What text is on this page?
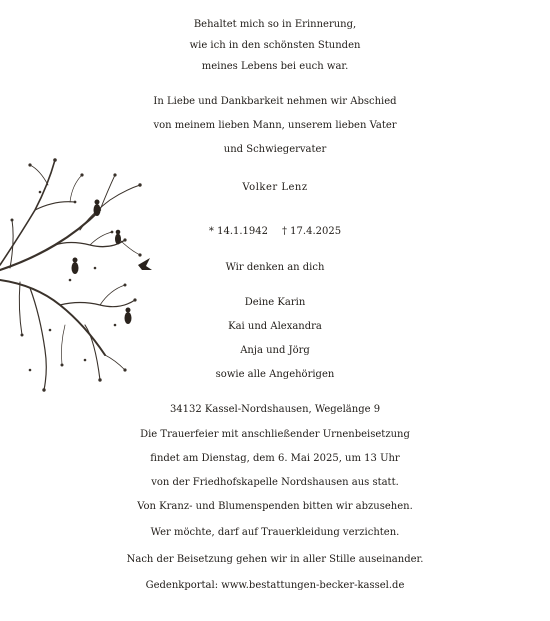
Behaltet mich so in Erinnerung,
wie ich in den schönsten Stunden
meines Lebens bei euch war.
In Liebe und Dankbarkeit nehmen wir Abschied
von meinem lieben Mann, unserem lieben Vater
und Schwiegervater
Volker Lenz
* 14.1.1942 † 17.4.2025
Wir denken an dich
Deine Karin
Kai und Alexandra
Anja und Jörg
sowie alle Angehörigen
34132 Kassel-Nordshausen, Wegelänge 9
Die Trauerfeier mit anschließender Urnenbeisetzung
findet am Dienstag, dem 6. Mai 2025, um 13 Uhr
von der Friedhofskapelle Nordshausen aus statt.
Von Kranz- und Blumenspenden bitten wir abzusehen.
Wer möchte, darf auf Trauerkleidung verzichten.
Nach der Beisetzung gehen wir in aller Stille auseinander.
Gedenkportal: www.bestattungen-becker-kassel.de
